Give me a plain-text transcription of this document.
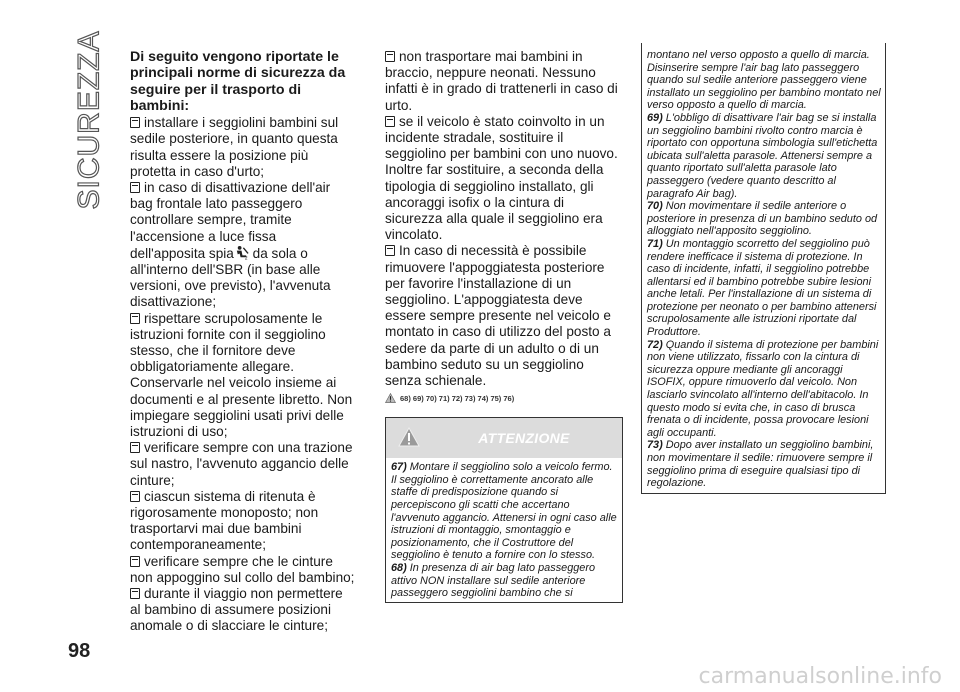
SICUREZZA Di seguito vengono riportate le principali norme di sicurezza da seguire per il trasporto di bambini:

installare i seggiolini bambini sul sedile posteriore, in quanto questa risulta essere la posizione più protetta in caso d'urto;

in caso di disattivazione dell'air bag frontale lato passeggero controllare sempre, tramite l'accensione a luce fissa dell'apposita spia 2 da sola o all'interno dell'SBR (in base alle versioni, ove previsto), l'avvenuta disattivazione;

rispettare scrupolosamente le istruzioni fornite con il seggiolino stesso, che il fornitore deve obbligatoriamente allegare. Conservarle nel veicolo insieme ai documenti e al presente libretto. Non impiegare seggiolini usati privi delle istruzioni di uso;

verificare sempre con una trazione sul nastro, l'avvenuto aggancio delle cinture;

ciascun sistema di ritenuta è rigorosamente monoposto; non trasportarvi mai due bambini contemporaneamente;

verificare sempre che le cinture non appoggino sul collo del bambino;

durante il viaggio non permettere al bambino di assumere posizioni anomale o di slacciare le cinture;

non trasportare mai bambini in braccio, neppure neonati. Nessuno infatti è in grado di trattenerli in caso di urto.

se il veicolo è stato coinvolto in un incidente stradale, sostituire il seggiolino per bambini con uno nuovo. Inoltre far sostituire, a seconda della tipologia di seggiolino installato, gli ancoraggi isofix o la cintura di sicurezza alla quale il seggiolino era vincolato.

In caso di necessità è possibile rimuovere l'appoggiatesta posteriore per favorire l'installazione di un seggiolino. L'appoggiatesta deve essere sempre presente nel veicolo e montato in caso di utilizzo del posto a sedere da parte di un adulto o di un bambino seduto su un seggiolino senza schienale.

68) 69) 70) 71) 72) 73) 74) 75) 76)
ATTENZIONE

67) Montare il seggiolino solo a veicolo fermo. Il seggiolino è correttamente ancorato alle staffe di predisposizione quando si percepiscono gli scatti che accertano l'avvenuto aggancio. Attenersi in ogni caso alle istruzioni di montaggio, smontaggio e posizionamento, che il Costruttore del seggiolino è tenuto a fornire con lo stesso.

68) In presenza di air bag lato passeggero attivo NON installare sul sedile anteriore passeggero seggiolini bambino che si

montano nel verso opposto a quello di marcia. Disinserire sempre l'air bag lato passeggero quando sul sedile anteriore passeggero viene installato un seggiolino per bambino montato nel verso opposto a quello di marcia.

69) L'obbligo di disattivare l'air bag se si installa un seggiolino bambini rivolto contro marcia è riportato con opportuna simbologia sull'etichetta ubicata sull'aletta parasole. Attenersi sempre a quanto riportato sull'aletta parasole lato passeggero (vedere quanto descritto al paragrafo Air bag).

70) Non movimentare il sedile anteriore o posteriore in presenza di un bambino seduto od alloggiato nell'apposito seggiolino.

71) Un montaggio scorretto del seggiolino può rendere inefficace il sistema di protezione. In caso di incidente, infatti, il seggiolino potrebbe allentarsi ed il bambino potrebbe subire lesioni anche letali. Per l'installazione di un sistema di protezione per neonato o per bambino attenersi scrupolosamente alle istruzioni riportate dal Produttore.

72) Quando il sistema di protezione per bambini non viene utilizzato, fissarlo con la cintura di sicurezza oppure mediante gli ancoraggi ISOFIX, oppure rimuoverlo dal veicolo. Non lasciarlo svincolato all'interno dell'abitacolo. In questo modo si evita che, in caso di brusca frenata o di incidente, possa provocare lesioni agli occupanti.

73) Dopo aver installato un seggiolino bambini, non movimentare il sedile: rimuovere sempre il seggiolino prima di eseguire qualsiasi tipo di regolazione.

98
carmanualsonline.info
